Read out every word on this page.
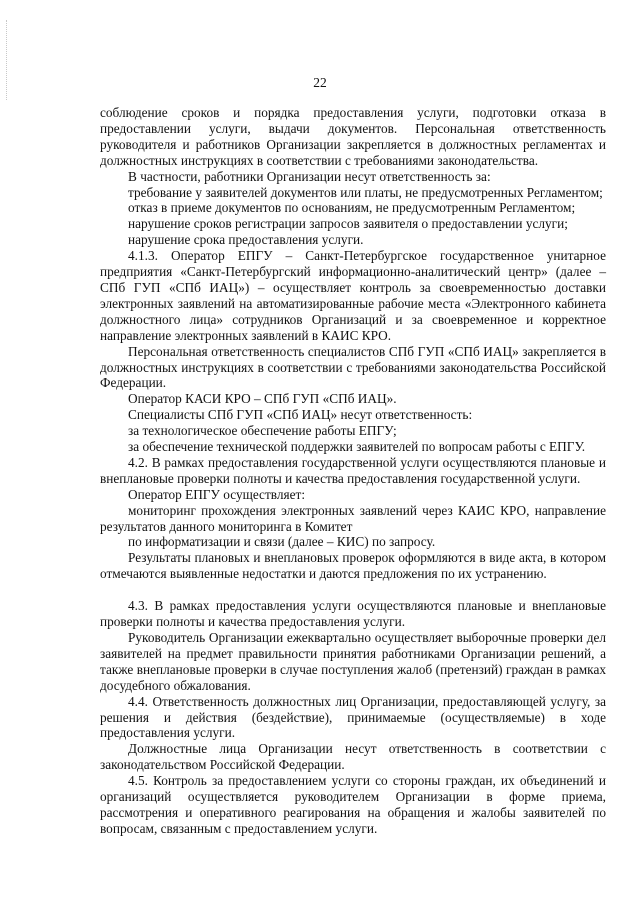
22

соблюдение сроков и порядка предоставления услуги, подготовки отказа в предоставлении услуги, выдачи документов. Персональная ответственность руководителя и работников Организации закрепляется в должностных регламентах и должностных инструкциях в соответствии с требованиями законодательства.

В частности, работники Организации несут ответственность за:

требование у заявителей документов или платы, не предусмотренных Регламентом;

отказ в приеме документов по основаниям, не предусмотренным Регламентом;

нарушение сроков регистрации запросов заявителя о предоставлении услуги;

нарушение срока предоставления услуги.

4.1.3. Оператор ЕПГУ – Санкт-Петербургское государственное унитарное предприятия «Санкт-Петербургский информационно-аналитический центр» (далее – СПб ГУП «СПб ИАЦ») – осуществляет контроль за своевременностью доставки электронных заявлений на автоматизированные рабочие места «Электронного кабинета должностного лица» сотрудников Организаций и за своевременное и корректное направление электронных заявлений в КАИС КРО.

Персональная ответственность специалистов СПб ГУП «СПб ИАЦ» закрепляется в должностных инструкциях в соответствии с требованиями законодательства Российской Федерации.

Оператор КАСИ КРО – СПб ГУП «СПб ИАЦ».

Специалисты СПб ГУП «СПб ИАЦ» несут ответственность:

за технологическое обеспечение работы ЕПГУ;

за обеспечение технической поддержки заявителей по вопросам работы с ЕПГУ.

4.2. В рамках предоставления государственной услуги осуществляются плановые и внеплановые проверки полноты и качества предоставления государственной услуги.

Оператор ЕПГУ осуществляет:

мониторинг прохождения электронных заявлений через КАИС КРО, направление результатов данного мониторинга в Комитет

по информатизации и связи (далее – КИС) по запросу.

Результаты плановых и внеплановых проверок оформляются в виде акта, в котором отмечаются выявленные недостатки и даются предложения по их устранению.

4.3. В рамках предоставления услуги осуществляются плановые и внеплановые проверки полноты и качества предоставления услуги.

Руководитель Организации ежеквартально осуществляет выборочные проверки дел заявителей на предмет правильности принятия работниками Организации решений, а также внеплановые проверки в случае поступления жалоб (претензий) граждан в рамках досудебного обжалования.

4.4. Ответственность должностных лиц Организации, предоставляющей услугу, за решения и действия (бездействие), принимаемые (осуществляемые) в ходе предоставления услуги.

Должностные лица Организации несут ответственность в соответствии с законодательством Российской Федерации.

4.5. Контроль за предоставлением услуги со стороны граждан, их объединений и организаций осуществляется руководителем Организации в форме приема, рассмотрения и оперативного реагирования на обращения и жалобы заявителей по вопросам, связанным с предоставлением услуги.
